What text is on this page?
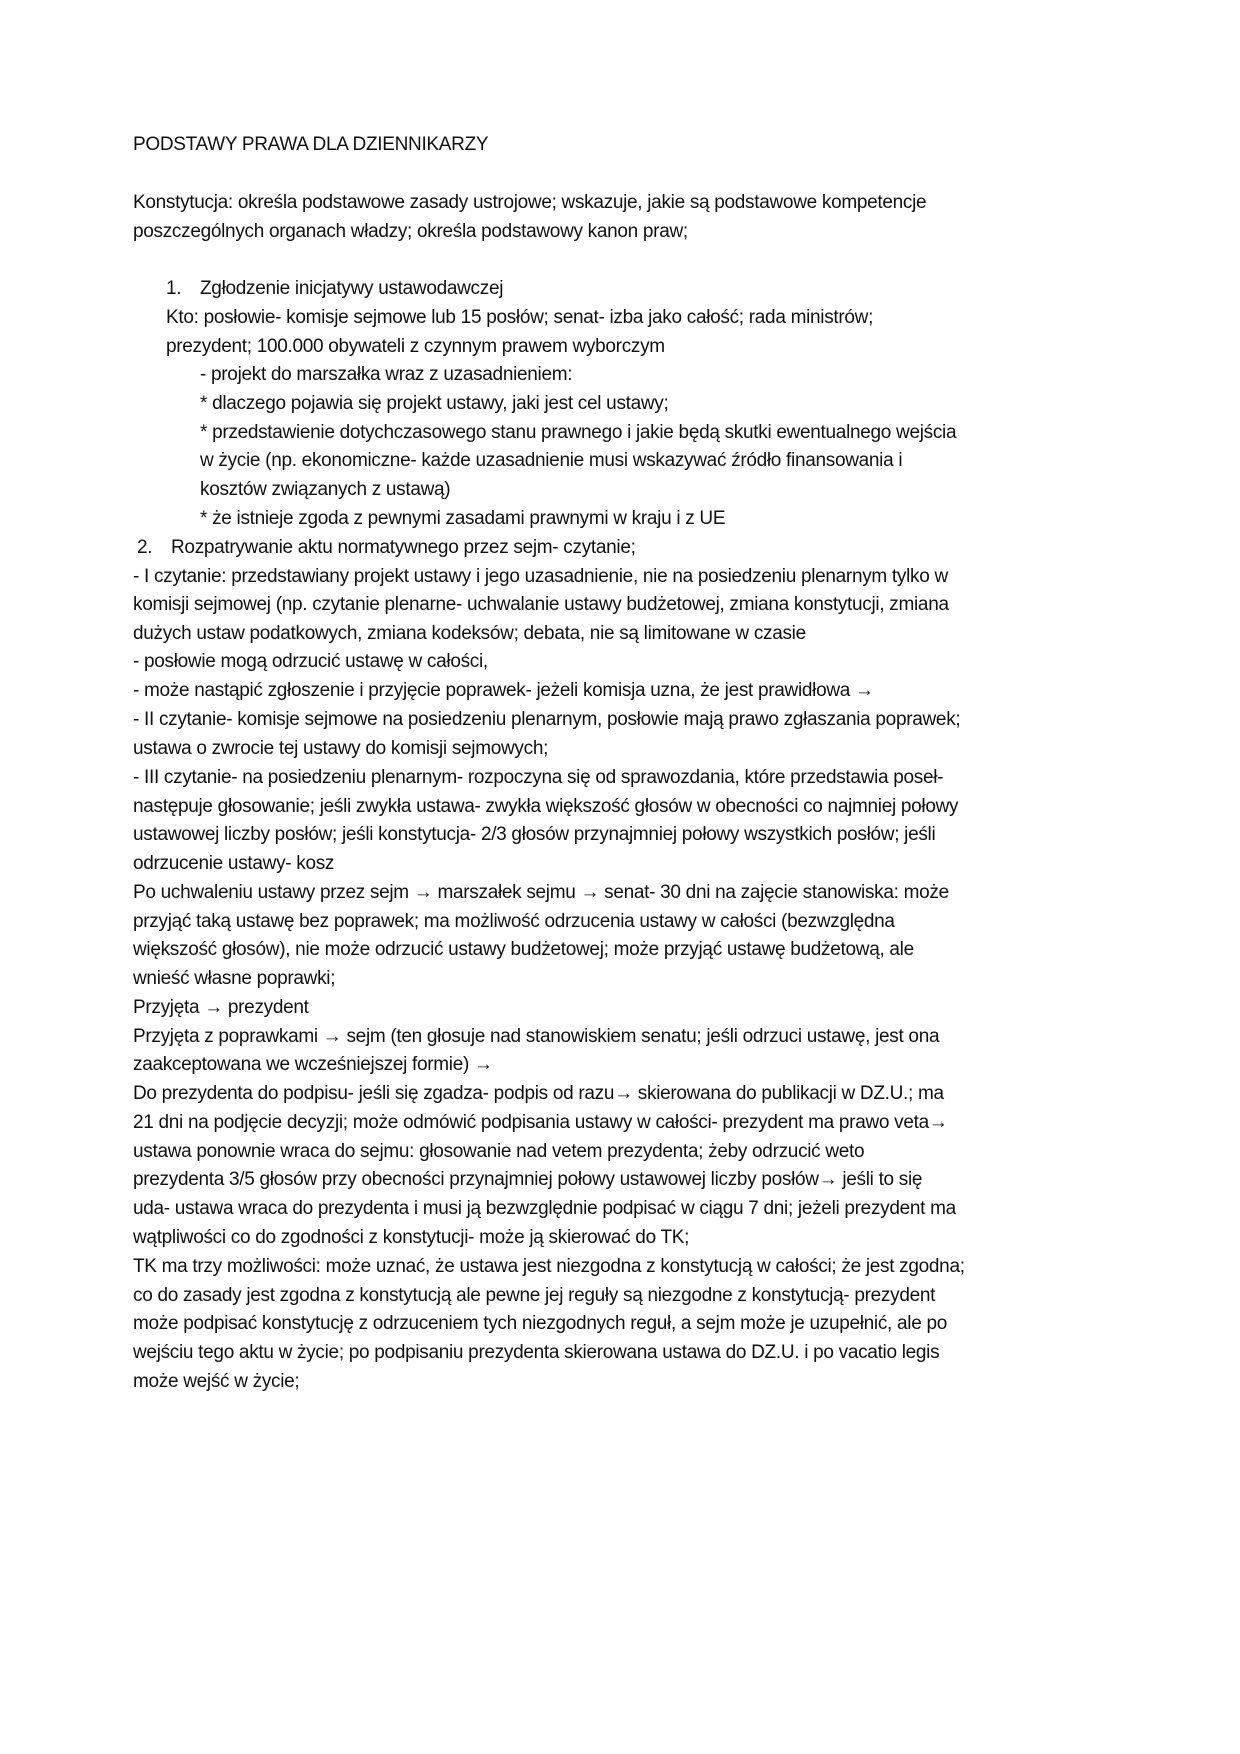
PODSTAWY PRAWA DLA DZIENNIKARZY
Konstytucja: określa podstawowe zasady ustrojowe; wskazuje, jakie są podstawowe kompetencje
poszczególnych organach władzy; określa podstawowy kanon praw;
1. Zgłodzenie inicjatywy ustawodawczej
Kto: posłowie- komisje sejmowe lub 15 posłów; senat- izba jako całość; rada ministrów;
prezydent; 100.000 obywateli z czynnym prawem wyborczym
- projekt do marszałka wraz z uzasadnieniem:
* dlaczego pojawia się projekt ustawy, jaki jest cel ustawy;
* przedstawienie dotychczasowego stanu prawnego i jakie będą skutki ewentualnego wejścia
w życie (np. ekonomiczne- każde uzasadnienie musi wskazywać źródło finansowania i
kosztów związanych z ustawą)
* że istnieje zgoda z pewnymi zasadami prawnymi w kraju i z UE
2. Rozpatrywanie aktu normatywnego przez sejm- czytanie;
- I czytanie: przedstawiany projekt ustawy i jego uzasadnienie, nie na posiedzeniu plenarnym tylko w
komisji sejmowej (np. czytanie plenarne- uchwalanie ustawy budżetowej, zmiana konstytucji, zmiana
dużych ustaw podatkowych, zmiana kodeksów; debata, nie są limitowane w czasie
- posłowie mogą odrzucić ustawę w całości,
- może nastąpić zgłoszenie i przyjęcie poprawek- jeżeli komisja uzna, że jest prawidłowa →
- II czytanie- komisje sejmowe na posiedzeniu plenarnym, posłowie mają prawo zgłaszania poprawek;
ustawa o zwrocie tej ustawy do komisji sejmowych;
- III czytanie- na posiedzeniu plenarnym- rozpoczyna się od sprawozdania, które przedstawia poseł-
następuje głosowanie; jeśli zwykła ustawa- zwykła większość głosów w obecności co najmniej połowy
ustawowej liczby posłów; jeśli konstytucja- 2/3 głosów przynajmniej połowy wszystkich posłów; jeśli
odrzucenie ustawy- kosz
Po uchwaleniu ustawy przez sejm → marszałek sejmu → senat- 30 dni na zajęcie stanowiska: może
przyjąć taką ustawę bez poprawek; ma możliwość odrzucenia ustawy w całości (bezwzględna
większość głosów), nie może odrzucić ustawy budżetowej; może przyjąć ustawę budżetową, ale
wnieść własne poprawki;
Przyjęta → prezydent
Przyjęta z poprawkami → sejm (ten głosuje nad stanowiskiem senatu; jeśli odrzuci ustawę, jest ona
zaakceptowana we wcześniejszej formie) →
Do prezydenta do podpisu- jeśli się zgadza- podpis od razu→ skierowana do publikacji w DZ.U.; ma
21 dni na podjęcie decyzji; może odmówić podpisania ustawy w całości- prezydent ma prawo veta→
ustawa ponownie wraca do sejmu: głosowanie nad vetem prezydenta; żeby odrzucić weto
prezydenta 3/5 głosów przy obecności przynajmniej połowy ustawowej liczby posłów→ jeśli to się
uda- ustawa wraca do prezydenta i musi ją bezwzględnie podpisać w ciągu 7 dni; jeżeli prezydent ma
wątpliwości co do zgodności z konstytucji- może ją skierować do TK;
TK ma trzy możliwości: może uznać, że ustawa jest niezgodna z konstytucją w całości; że jest zgodna;
co do zasady jest zgodna z konstytucją ale pewne jej reguły są niezgodne z konstytucją- prezydent
może podpisać konstytucję z odrzuceniem tych niezgodnych reguł, a sejm może je uzupełnić, ale po
wejściu tego aktu w życie; po podpisaniu prezydenta skierowana ustawa do DZ.U. i po vacatio legis
może wejść w życie;
